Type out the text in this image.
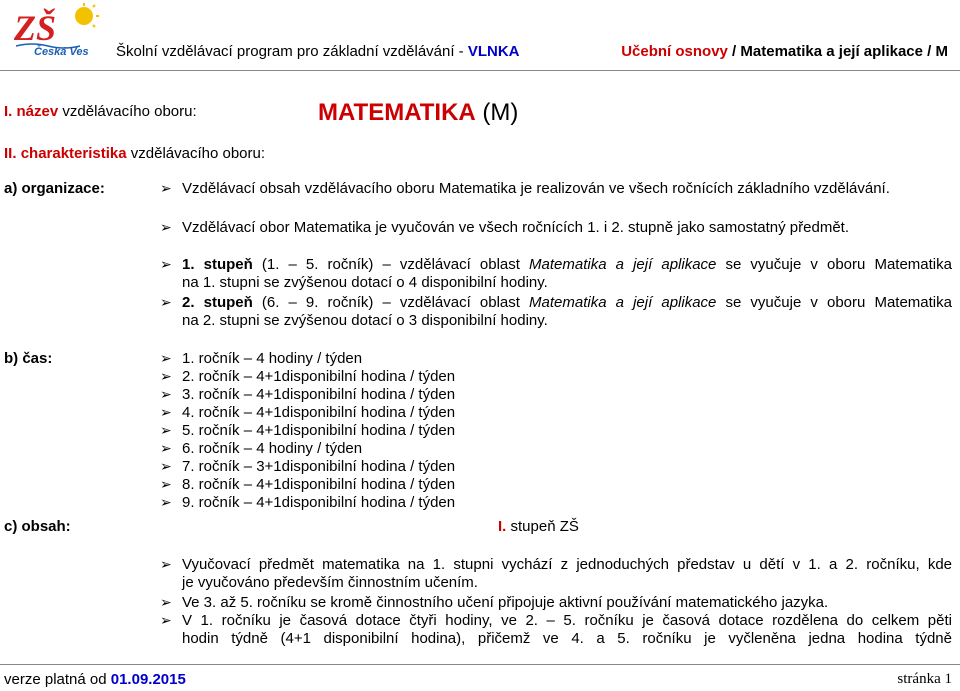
ZŠ
Česká Ves Školní vzdělávací program pro základní vzdělávání - VLNKA	Učební osnovy / Matematika a její aplikace / M
I. název vzdělávacího oboru:	MATEMATIKA (M)
II. charakteristika vzdělávacího oboru:
a) organizace:	➢ Vzdělávací obsah vzdělávacího oboru Matematika je realizován ve všech ročnících základního vzdělávání.
➢ Vzdělávací obor Matematika je vyučován ve všech ročnících 1. i 2. stupně jako samostatný předmět.
➢ 1. stupeň (1. – 5. ročník) – vzdělávací oblast Matematika a její aplikace se vyučuje v oboru Matematika
na 1. stupni se zvýšenou dotací o 4 disponibilní hodiny.
➢ 2. stupeň (6. – 9. ročník) – vzdělávací oblast Matematika a její aplikace se vyučuje v oboru Matematika
na 2. stupni se zvýšenou dotací o 3 disponibilní hodiny.
b) čas:	➢ 1. ročník – 4 hodiny / týden
➢ 2. ročník – 4+1disponibilní hodina / týden
➢ 3. ročník – 4+1disponibilní hodina / týden
➢ 4. ročník – 4+1disponibilní hodina / týden
➢ 5. ročník – 4+1disponibilní hodina / týden
➢ 6. ročník – 4 hodiny / týden
➢ 7. ročník – 3+1disponibilní hodina / týden
➢ 8. ročník – 4+1disponibilní hodina / týden
➢ 9. ročník – 4+1disponibilní hodina / týden
c) obsah:	I. stupeň ZŠ
➢ Vyučovací předmět matematika na 1. stupni vychází z jednoduchých představ u dětí v 1. a 2. ročníku, kde
je vyučováno především činnostním učením.
➢ Ve 3. až 5. ročníku se kromě činnostního učení připojuje aktivní používání matematického jazyka.
➢ V 1. ročníku je časová dotace čtyři hodiny, ve 2. – 5. ročníku je časová dotace rozdělena do celkem pěti
hodin týdně (4+1 disponibilní hodina), přičemž ve 4. a 5. ročníku je vyčleněna jedna hodina týdně
verze platná od 01.09.2015	stránka 1
